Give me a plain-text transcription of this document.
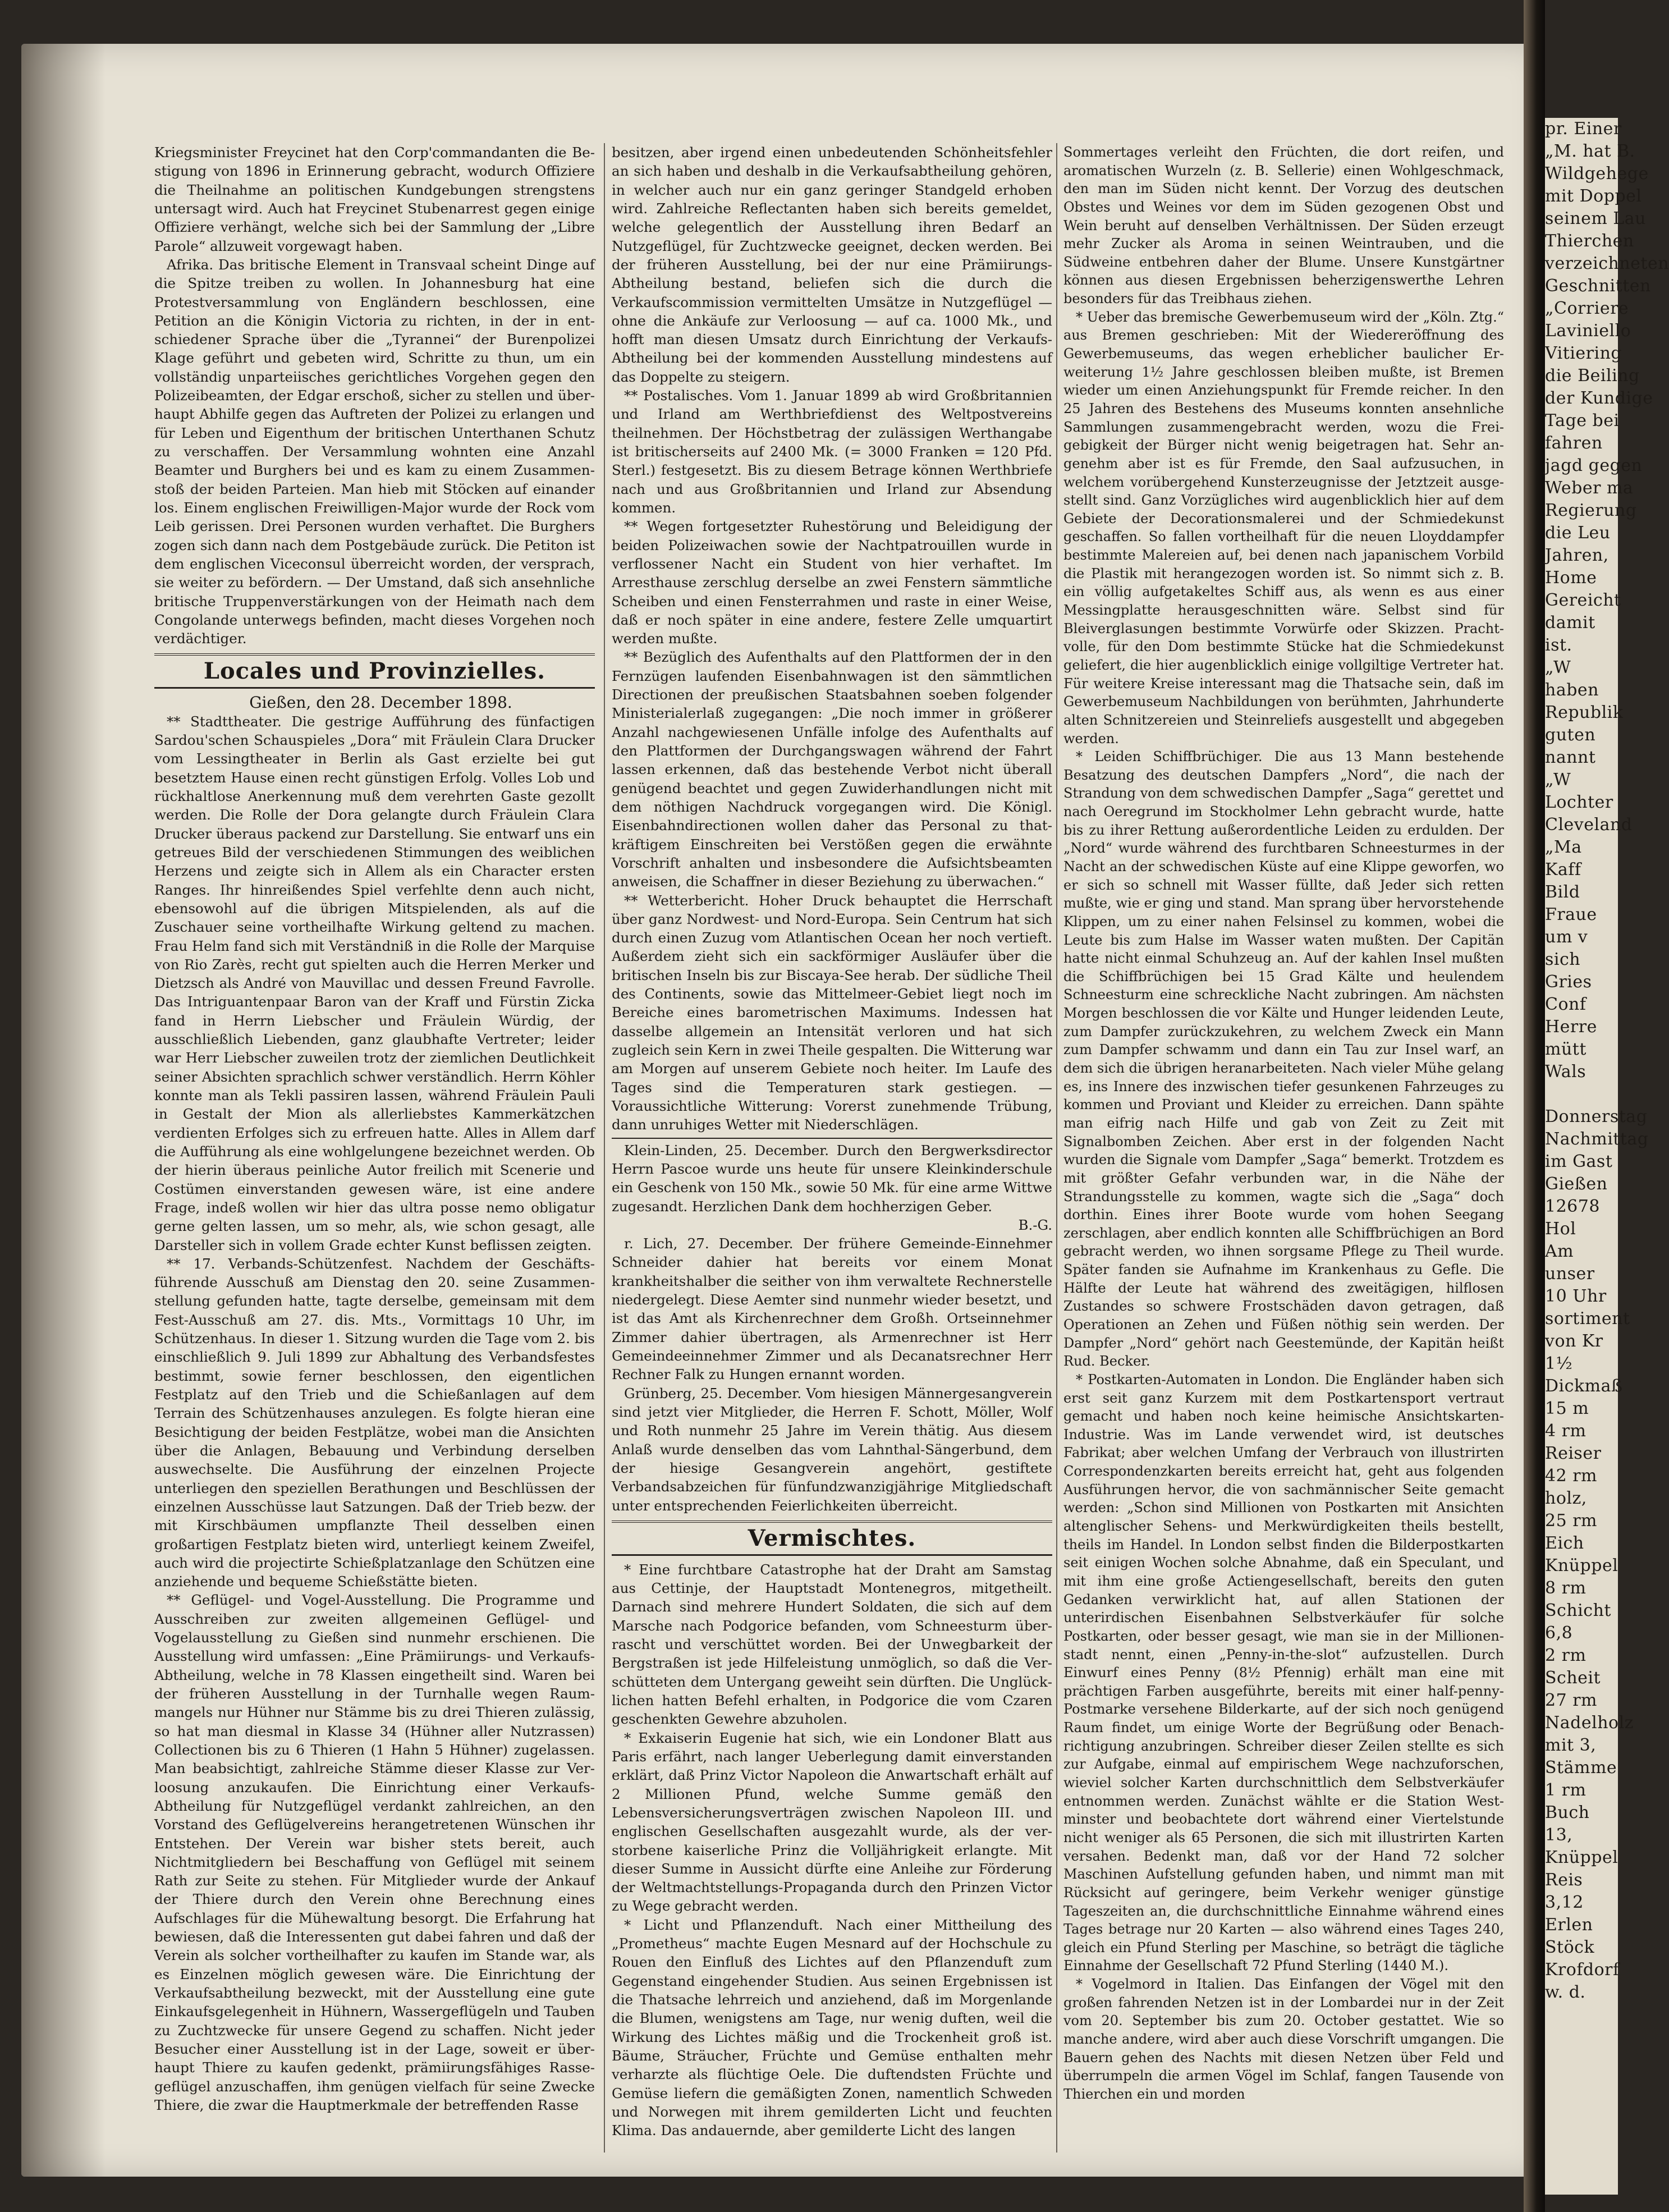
Kriegsminister Freycinet hat den Corp'commandanten die Bestigung von 1896 in Erinnerung gebracht, wodurch Offiziere die Theilnahme an politischen Kundgebungen strengstens untersagt wird. Auch hat Freycinet Stubenarrest gegen einige Offiziere verhängt, welche sich bei der Sammlung der „Libre Parole“ allzuweit vorgewagt haben.

Afrika. Das britische Element in Transvaal scheint Dinge auf die Spitze treiben zu wollen. In Johannesburg hat eine Protestversammlung von Engländern beschlossen, eine Petition an die Königin Victoria zu richten, in der in entschiedener Sprache über die „Tyrannei“ der Burenpolizei Klage geführt und gebeten wird, Schritte zu thun, um ein vollständig unparteiisches gerichtliches Vorgehen gegen den Polizeibeamten, der Edgar erschoß, sicher zu stellen und überhaupt Abhilfe gegen das Auftreten der Polizei zu erlangen und für Leben und Eigenthum der britischen Unterthanen Schutz zu verschaffen. Der Versammlung wohnten eine Anzahl Beamter und Burghers bei und es kam zu einem Zusammenstoß der beiden Parteien. Man hieb mit Stöcken auf einander los. Einem englischen Freiwilligen-Major wurde der Rock vom Leib gerissen. Drei Personen wurden verhaftet. Die Burghers zogen sich dann nach dem Postgebäude zurück. Die Petiton ist dem englischen Viceconsul überreicht worden, der versprach, sie weiter zu befördern. — Der Umstand, daß sich ansehnliche britische Truppenverstärkungen von der Heimath nach dem Congolande unterwegs befinden, macht dieses Vorgehen noch verdächtiger.

Locales und Provinzielles.

Gießen, den 28. December 1898.

** Stadttheater. Die gestrige Aufführung des fünfactigen Sardou'schen Schauspieles „Dora“ mit Fräulein Clara Drucker vom Lessingtheater in Berlin als Gast erzielte bei gut besetztem Hause einen recht günstigen Erfolg. Volles Lob und rückhaltlose Anerkennung muß dem verehrten Gaste gezollt werden. Die Rolle der Dora gelangte durch Fräulein Clara Drucker überaus packend zur Darstellung. Sie entwarf uns ein getreues Bild der verschiedenen Stimmungen des weiblichen Herzens und zeigte sich in Allem als ein Character ersten Ranges. Ihr hinreißendes Spiel verfehlte denn auch nicht, ebensowohl auf die übrigen Mitspielenden, als auf die Zuschauer seine vortheilhafte Wirkung geltend zu machen. Frau Helm fand sich mit Verständniß in die Rolle der Marquise von Rio Zarès, recht gut spielten auch die Herren Merker und Dietzsch als André von Mauvillac und dessen Freund Favrolle. Das Intriguantenpaar Baron van der Kraff und Fürstin Zicka fand in Herrn Liebscher und Fräulein Würdig, der ausschließlich Liebenden, ganz glaubhafte Vertreter; leider war Herr Liebscher zuweilen trotz der ziemlichen Deutlichkeit seiner Absichten sprachlich schwer verständlich. Herrn Köhler konnte man als Tekli passiren lassen, während Fräulein Pauli in Gestalt der Mion als allerliebstes Kammerkätzchen verdienten Erfolges sich zu erfreuen hatte. Alles in Allem darf die Aufführung als eine wohlgelungene bezeichnet werden. Ob der hierin überaus peinliche Autor freilich mit Scenerie und Costümen einverstanden gewesen wäre, ist eine andere Frage, indeß wollen wir hier das ultra posse nemo obligatur gerne gelten lassen, um so mehr, als, wie schon gesagt, alle Darsteller sich in vollem Grade echter Kunst beflissen zeigten.

** 17. Verbands-Schützenfest. Nachdem der Geschäftsführende Ausschuß am Dienstag den 20. seine Zusammenstellung gefunden hatte, tagte derselbe, gemeinsam mit dem Fest-Ausschuß am 27. dis. Mts., Vormittags 10 Uhr, im Schützenhaus. In dieser 1. Sitzung wurden die Tage vom 2. bis einschließlich 9. Juli 1899 zur Abhaltung des Verbandsfestes bestimmt, sowie ferner beschlossen, den eigentlichen Festplatz auf den Trieb und die Schießanlagen auf dem Terrain des Schützenhauses anzulegen. Es folgte hieran eine Besichtigung der beiden Festplätze, wobei man die Ansichten über die Anlagen, Bebauung und Verbindung derselben auswechselte. Die Ausführung der einzelnen Projecte unterliegen den speziellen Berathungen und Beschlüssen der einzelnen Ausschüsse laut Satzungen. Daß der Trieb bezw. der mit Kirschbäumen umpflanzte Theil desselben einen großartigen Festplatz bieten wird, unterliegt keinem Zweifel, auch wird die projectirte Schießplatzanlage den Schützen eine anziehende und bequeme Schießstätte bieten.

** Geflügel- und Vogel-Ausstellung. Die Programme und Ausschreiben zur zweiten allgemeinen Geflügel- und Vogelausstellung zu Gießen sind nunmehr erschienen. Die Ausstellung wird umfassen: „Eine Prämiirungs- und Verkaufs-Abtheilung, welche in 78 Klassen eingetheilt sind. Waren bei der früheren Ausstellung in der Turnhalle wegen Raummangels nur Hühner nur Stämme bis zu drei Thieren zulässig, so hat man diesmal in Klasse 34 (Hühner aller Nutzrassen) Collectionen bis zu 6 Thieren (1 Hahn 5 Hühner) zugelassen. Man beabsichtigt, zahlreiche Stämme dieser Klasse zur Verloosung anzukaufen. Die Einrichtung einer Verkaufs-Abtheilung für Nutzgeflügel verdankt zahlreichen, an den Vorstand des Geflügelvereins herangetretenen Wünschen ihr Entstehen. Der Verein war bisher stets bereit, auch Nichtmitgliedern bei Beschaffung von Geflügel mit seinem Rath zur Seite zu stehen. Für Mitglieder wurde der Ankauf der Thiere durch den Verein ohne Berechnung eines Aufschlages für die Mühewaltung besorgt. Die Erfahrung hat bewiesen, daß die Interessenten gut dabei fahren und daß der Verein als solcher vortheilhafter zu kaufen im Stande war, als es Einzelnen möglich gewesen wäre. Die Einrichtung der Verkaufsabtheilung bezweckt, mit der Ausstellung eine gute Einkaufsgelegenheit in Hühnern, Wassergeflügeln und Tauben zu Zuchtzwecke für unsere Gegend zu schaffen. Nicht jeder Besucher einer Ausstellung ist in der Lage, soweit er überhaupt Thiere zu kaufen gedenkt, prämiirungsfähiges Rassegeflügel anzuschaffen, ihm genügen vielfach für seine Zwecke Thiere, die zwar die Hauptmerkmale der betreffenden Rasse

besitzen, aber irgend einen unbedeutenden Schönheitsfehler an sich haben und deshalb in die Verkaufsabtheilung gehören, in welcher auch nur ein ganz geringer Standgeld erhoben wird. Zahlreiche Reflectanten haben sich bereits gemeldet, welche gelegentlich der Ausstellung ihren Bedarf an Nutzgeflügel, für Zuchtzwecke geeignet, decken werden. Bei der früheren Ausstellung, bei der nur eine Prämiirungs-Abtheilung bestand, beliefen sich die durch die Verkaufscommission vermittelten Umsätze in Nutzgeflügel — ohne die Ankäufe zur Verloosung — auf ca. 1000 Mk., und hofft man diesen Umsatz durch Einrichtung der Verkaufs-Abtheilung bei der kommenden Ausstellung mindestens auf das Doppelte zu steigern.

** Postalisches. Vom 1. Januar 1899 ab wird Großbritannien und Irland am Werthbriefdienst des Weltpostvereins theilnehmen. Der Höchstbetrag der zulässigen Werthangabe ist britischerseits auf 2400 Mk. (= 3000 Franken = 120 Pfd. Sterl.) festgesetzt. Bis zu diesem Betrage können Werthbriefe nach und aus Großbritannien und Irland zur Absendung kommen.

** Wegen fortgesetzter Ruhestörung und Beleidigung der beiden Polizeiwachen sowie der Nachtpatrouillen wurde in verflossener Nacht ein Student von hier verhaftet. Im Arresthause zerschlug derselbe an zwei Fenstern sämmtliche Scheiben und einen Fensterrahmen und raste in einer Weise, daß er noch später in eine andere, festere Zelle umquartirt werden mußte.

** Bezüglich des Aufenthalts auf den Plattformen der in den Fernzügen laufenden Eisenbahnwagen ist den sämmtlichen Directionen der preußischen Staatsbahnen soeben folgender Ministerialerlaß zugegangen: „Die noch immer in größerer Anzahl nachgewiesenen Unfälle infolge des Aufenthalts auf den Plattformen der Durchgangswagen während der Fahrt lassen erkennen, daß das bestehende Verbot nicht überall genügend beachtet und gegen Zuwiderhandlungen nicht mit dem nöthigen Nachdruck vorgegangen wird. Die Königl. Eisenbahndirectionen wollen daher das Personal zu thatkräftigem Einschreiten bei Verstößen gegen die erwähnte Vorschrift anhalten und insbesondere die Aufsichtsbeamten anweisen, die Schaffner in dieser Beziehung zu überwachen.“

** Wetterbericht. Hoher Druck behauptet die Herrschaft über ganz Nordwest- und Nord-Europa. Sein Centrum hat sich durch einen Zuzug vom Atlantischen Ocean her noch vertieft. Außerdem zieht sich ein sackförmiger Ausläufer über die britischen Inseln bis zur Biscaya-See herab. Der südliche Theil des Continents, sowie das Mittelmeer-Gebiet liegt noch im Bereiche eines barometrischen Maximums. Indessen hat dasselbe allgemein an Intensität verloren und hat sich zugleich sein Kern in zwei Theile gespalten. Die Witterung war am Morgen auf unserem Gebiete noch heiter. Im Laufe des Tages sind die Temperaturen stark gestiegen. — Voraussichtliche Witterung: Vorerst zunehmende Trübung, dann unruhiges Wetter mit Niederschlägen.

Klein-Linden, 25. December. Durch den Bergwerksdirector Herrn Pascoe wurde uns heute für unsere Kleinkinderschule ein Geschenk von 150 Mk., sowie 50 Mk. für eine arme Wittwe zugesandt. Herzlichen Dank dem hochherzigen Geber.

B.-G.

r. Lich, 27. December. Der frühere Gemeinde-Einnehmer Schneider dahier hat bereits vor einem Monat krankheitshalber die seither von ihm verwaltete Rechnerstelle niedergelegt. Diese Aemter sind nunmehr wieder besetzt, und ist das Amt als Kirchenrechner dem Großh. Ortseinnehmer Zimmer dahier übertragen, als Armenrechner ist Herr Gemeindeeinnehmer Zimmer und als Decanatsrechner Herr Rechner Falk zu Hungen ernannt worden.

Grünberg, 25. December. Vom hiesigen Männergesangverein sind jetzt vier Mitglieder, die Herren F. Schott, Möller, Wolf und Roth nunmehr 25 Jahre im Verein thätig. Aus diesem Anlaß wurde denselben das vom Lahnthal-Sängerbund, dem der hiesige Gesangverein angehört, gestiftete Verbandsabzeichen für fünfundzwanzigjährige Mitgliedschaft unter entsprechenden Feierlichkeiten überreicht.

Vermischtes.

* Eine furchtbare Catastrophe hat der Draht am Samstag aus Cettinje, der Hauptstadt Montenegros, mitgetheilt. Darnach sind mehrere Hundert Soldaten, die sich auf dem Marsche nach Podgorice befanden, vom Schneesturm überrascht und verschüttet worden. Bei der Unwegbarkeit der Bergstraßen ist jede Hilfeleistung unmöglich, so daß die Verschütteten dem Untergang geweiht sein dürften. Die Unglücklichen hatten Befehl erhalten, in Podgorice die vom Czaren geschenkten Gewehre abzuholen.

* Exkaiserin Eugenie hat sich, wie ein Londoner Blatt aus Paris erfährt, nach langer Ueberlegung damit einverstanden erklärt, daß Prinz Victor Napoleon die Anwartschaft erhält auf 2 Millionen Pfund, welche Summe gemäß den Lebensversicherungsverträgen zwischen Napoleon III. und englischen Gesellschaften ausgezahlt wurde, als der verstorbene kaiserliche Prinz die Volljährigkeit erlangte. Mit dieser Summe in Aussicht dürfte eine Anleihe zur Förderung der Weltmachtstellungs-Propaganda durch den Prinzen Victor zu Wege gebracht werden.

* Licht und Pflanzenduft. Nach einer Mittheilung des „Prometheus“ machte Eugen Mesnard auf der Hochschule zu Rouen den Einfluß des Lichtes auf den Pflanzenduft zum Gegenstand eingehender Studien. Aus seinen Ergebnissen ist die Thatsache lehrreich und anziehend, daß im Morgenlande die Blumen, wenigstens am Tage, nur wenig duften, weil die Wirkung des Lichtes mäßig und die Trockenheit groß ist. Bäume, Sträucher, Früchte und Gemüse enthalten mehr verharzte als flüchtige Oele. Die duftendsten Früchte und Gemüse liefern die gemäßigten Zonen, namentlich Schweden und Norwegen mit ihrem gemilderten Licht und feuchten Klima. Das andauernde, aber gemilderte Licht des langen

Sommertages verleiht den Früchten, die dort reifen, und aromatischen Wurzeln (z. B. Sellerie) einen Wohlgeschmack, den man im Süden nicht kennt. Der Vorzug des deutschen Obstes und Weines vor dem im Süden gezogenen Obst und Wein beruht auf denselben Verhältnissen. Der Süden erzeugt mehr Zucker als Aroma in seinen Weintrauben, und die Südweine entbehren daher der Blume. Unsere Kunstgärtner können aus diesen Ergebnissen beherzigenswerthe Lehren besonders für das Treibhaus ziehen.

* Ueber das bremische Gewerbemuseum wird der „Köln. Ztg.“ aus Bremen geschrieben: Mit der Wiedereröffnung des Gewerbemuseums, das wegen erheblicher baulicher Erweiterung 1½ Jahre geschlossen bleiben mußte, ist Bremen wieder um einen Anziehungspunkt für Fremde reicher. In den 25 Jahren des Bestehens des Museums konnten ansehnliche Sammlungen zusammengebracht werden, wozu die Freigebigkeit der Bürger nicht wenig beigetragen hat. Sehr angenehm aber ist es für Fremde, den Saal aufzusuchen, in welchem vorübergehend Kunsterzeugnisse der Jetztzeit ausgestellt sind. Ganz Vorzügliches wird augenblicklich hier auf dem Gebiete der Decorationsmalerei und der Schmiedekunst geschaffen. So fallen vortheilhaft für die neuen Lloyddampfer bestimmte Malereien auf, bei denen nach japanischem Vorbild die Plastik mit herangezogen worden ist. So nimmt sich z. B. ein völlig aufgetakeltes Schiff aus, als wenn es aus einer Messingplatte herausgeschnitten wäre. Selbst sind für Bleiverglasungen bestimmte Vorwürfe oder Skizzen. Prachtvolle, für den Dom bestimmte Stücke hat die Schmiedekunst geliefert, die hier augenblicklich einige vollgiltige Vertreter hat. Für weitere Kreise interessant mag die Thatsache sein, daß im Gewerbemuseum Nachbildungen von berühmten, Jahrhunderte alten Schnitzereien und Steinreliefs ausgestellt und abgegeben werden.

* Leiden Schiffbrüchiger. Die aus 13 Mann bestehende Besatzung des deutschen Dampfers „Nord“, die nach der Strandung von dem schwedischen Dampfer „Saga“ gerettet und nach Oeregrund im Stockholmer Lehn gebracht wurde, hatte bis zu ihrer Rettung außerordentliche Leiden zu erdulden. Der „Nord“ wurde während des furchtbaren Schneesturmes in der Nacht an der schwedischen Küste auf eine Klippe geworfen, wo er sich so schnell mit Wasser füllte, daß Jeder sich retten mußte, wie er ging und stand. Man sprang über hervorstehende Klippen, um zu einer nahen Felsinsel zu kommen, wobei die Leute bis zum Halse im Wasser waten mußten. Der Capitän hatte nicht einmal Schuhzeug an. Auf der kahlen Insel mußten die Schiffbrüchigen bei 15 Grad Kälte und heulendem Schneesturm eine schreckliche Nacht zubringen. Am nächsten Morgen beschlossen die vor Kälte und Hunger leidenden Leute, zum Dampfer zurückzukehren, zu welchem Zweck ein Mann zum Dampfer schwamm und dann ein Tau zur Insel warf, an dem sich die übrigen heranarbeiteten. Nach vieler Mühe gelang es, ins Innere des inzwischen tiefer gesunkenen Fahrzeuges zu kommen und Proviant und Kleider zu erreichen. Dann spähte man eifrig nach Hilfe und gab von Zeit zu Zeit mit Signalbomben Zeichen. Aber erst in der folgenden Nacht wurden die Signale vom Dampfer „Saga“ bemerkt. Trotzdem es mit größter Gefahr verbunden war, in die Nähe der Strandungsstelle zu kommen, wagte sich die „Saga“ doch dorthin. Eines ihrer Boote wurde vom hohen Seegang zerschlagen, aber endlich konnten alle Schiffbrüchigen an Bord gebracht werden, wo ihnen sorgsame Pflege zu Theil wurde. Später fanden sie Aufnahme im Krankenhaus zu Gefle. Die Hälfte der Leute hat während des zweitägigen, hilflosen Zustandes so schwere Frostschäden davon getragen, daß Operationen an Zehen und Füßen nöthig sein werden. Der Dampfer „Nord“ gehört nach Geestemünde, der Kapitän heißt Rud. Becker.

* Postkarten-Automaten in London. Die Engländer haben sich erst seit ganz Kurzem mit dem Postkartensport vertraut gemacht und haben noch keine heimische Ansichtskarten-Industrie. Was im Lande verwendet wird, ist deutsches Fabrikat; aber welchen Umfang der Verbrauch von illustrirten Correspondenzkarten bereits erreicht hat, geht aus folgenden Ausführungen hervor, die von sachmännischer Seite gemacht werden: „Schon sind Millionen von Postkarten mit Ansichten altenglischer Sehens- und Merkwürdigkeiten theils bestellt, theils im Handel. In London selbst finden die Bilderpostkarten seit einigen Wochen solche Abnahme, daß ein Speculant, und mit ihm eine große Actiengesellschaft, bereits den guten Gedanken verwirklicht hat, auf allen Stationen der unterirdischen Eisenbahnen Selbstverkäufer für solche Postkarten, oder besser gesagt, wie man sie in der Millionenstadt nennt, einen „Penny-in-the-slot“ aufzustellen. Durch Einwurf eines Penny (8½ Pfennig) erhält man eine mit prächtigen Farben ausgeführte, bereits mit einer half-penny-Postmarke versehene Bilderkarte, auf der sich noch genügend Raum findet, um einige Worte der Begrüßung oder Benachrichtigung anzubringen. Schreiber dieser Zeilen stellte es sich zur Aufgabe, einmal auf empirischem Wege nachzuforschen, wieviel solcher Karten durchschnittlich dem Selbstverkäufer entnommen werden. Zunächst wählte er die Station Westminster und beobachtete dort während einer Viertelstunde nicht weniger als 65 Personen, die sich mit illustrirten Karten versahen. Bedenkt man, daß vor der Hand 72 solcher Maschinen Aufstellung gefunden haben, und nimmt man mit Rücksicht auf geringere, beim Verkehr weniger günstige Tageszeiten an, die durchschnittliche Einnahme während eines Tages betrage nur 20 Karten — also während eines Tages 240, gleich ein Pfund Sterling per Maschine, so beträgt die tägliche Einnahme der Gesellschaft 72 Pfund Sterling (1440 M.).

* Vogelmord in Italien. Das Einfangen der Vögel mit den großen fahrenden Netzen ist in der Lombardei nur in der Zeit vom 20. September bis zum 20. October gestattet. Wie so manche andere, wird aber auch diese Vorschrift umgangen. Die Bauern gehen des Nachts mit diesen Netzen über Feld und überrumpeln die armen Vögel im Schlaf, fangen Tausende von Thierchen ein und morden

pr. Einer

„M. hat B.

Wildgehege

mit Doppel

seinem Lau

Thierchen

verzeichneten

Geschnitten

„Corriere

Laviniello

Vitiering

die Beiling

der Kundige

Tage bei

fahren

jagd gegen

Weber ma

Regierung

die Leu

Jahren,

Home

Gereicht

damit

ist.

„W

haben

Republik

guten

nannt

„W

Lochter

Cleveland

„Ma

Kaff

Bild

Fraue

um v

sich

Gries

Conf

Herre

mütt

Wals

Donnerstag

Nachmittag

im Gast

Gießen

12678

Hol

Am

unser

10 Uhr

sortiment

von Kr

1½

Dickmaß

15 m

4 rm

Reiser

42 rm

holz,

25 rm

Eich

Knüppel

8 rm

Schicht

6,8

2 rm

Scheit

27 rm

Nadelholz

mit 3,

Stämme

1 rm

Buch

13,

Knüppel

Reis

3,12

Erlen

Stöck

Krofdorf

w. d.
